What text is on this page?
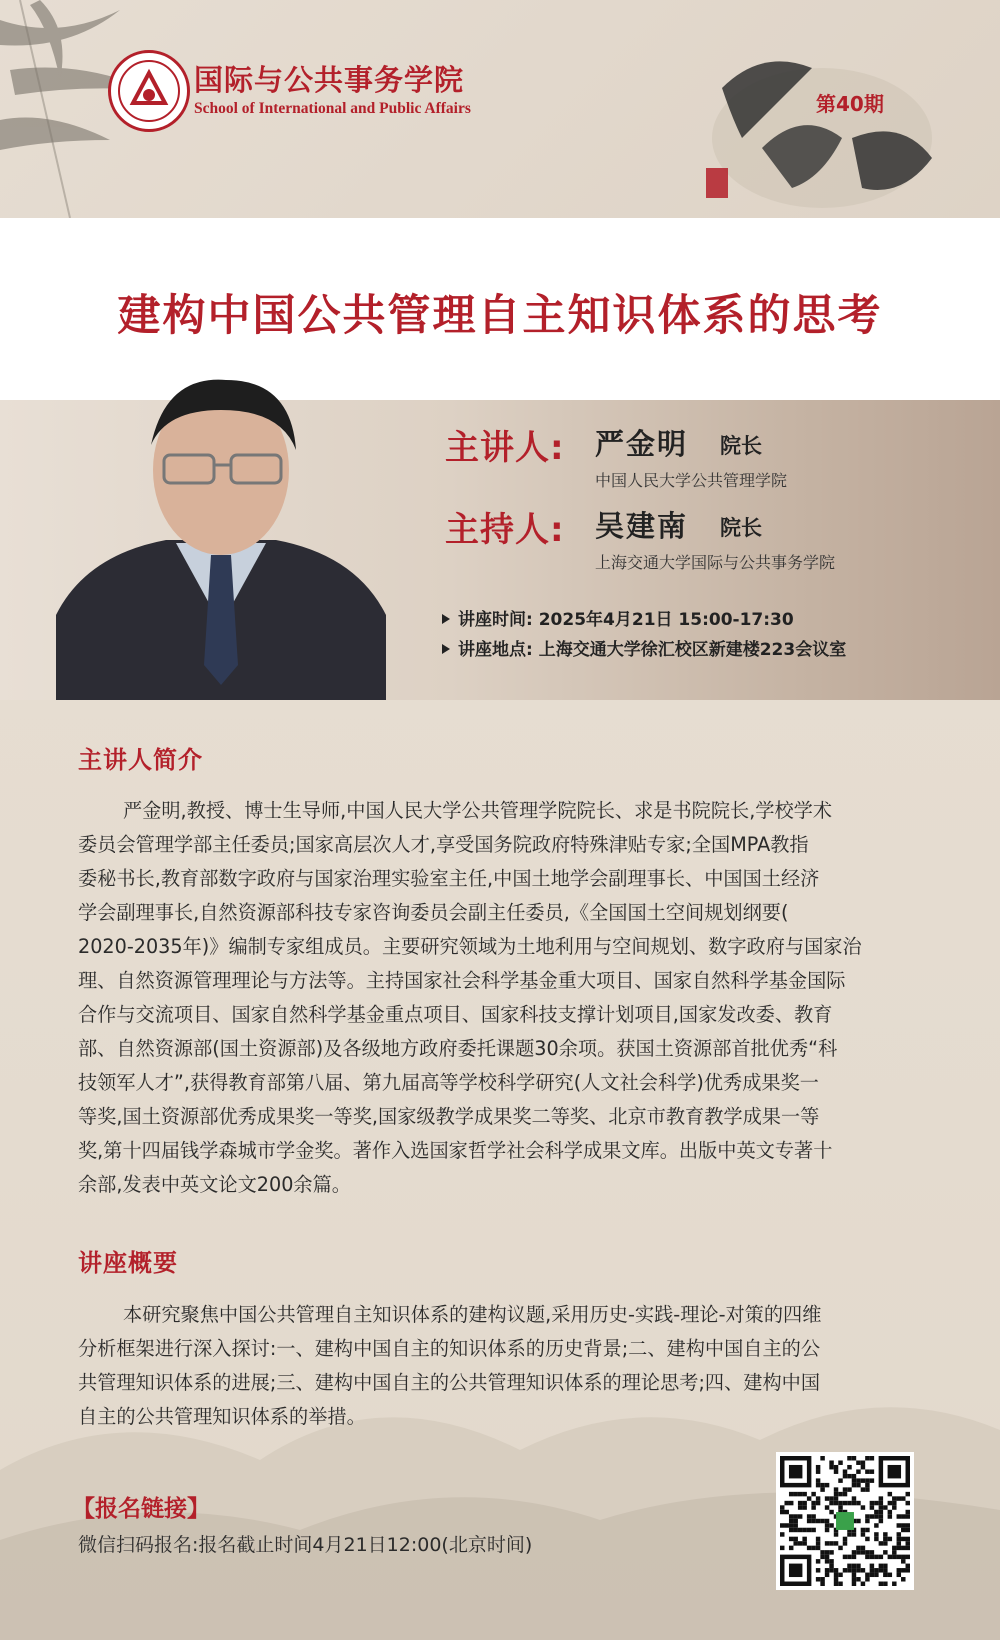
国际与公共事务学院
School of International and Public Affairs	第40期
建构中国公共管理自主知识体系的思考
主讲人: 严金明 院长
中国人民大学公共管理学院
主持人: 吴建南 院长
上海交通大学国际与公共事务学院
讲座时间: 2025年4月21日 15:00-17:30
讲座地点: 上海交通大学徐汇校区新建楼223会议室
主讲人简介
严金明,教授、博士生导师,中国人民大学公共管理学院院长、求是书院院长,学校学术
委员会管理学部主任委员;国家高层次人才,享受国务院政府特殊津贴专家;全国MPA教指
委秘书长,教育部数字政府与国家治理实验室主任,中国土地学会副理事长、中国国土经济
学会副理事长,自然资源部科技专家咨询委员会副主任委员,《全国国土空间规划纲要(
2020-2035年)》编制专家组成员。主要研究领域为土地利用与空间规划、数字政府与国家治
理、自然资源管理理论与方法等。主持国家社会科学基金重大项目、国家自然科学基金国际
合作与交流项目、国家自然科学基金重点项目、国家科技支撑计划项目,国家发改委、教育
部、自然资源部(国土资源部)及各级地方政府委托课题30余项。获国土资源部首批优秀“科
技领军人才”,获得教育部第八届、第九届高等学校科学研究(人文社会科学)优秀成果奖一
等奖,国土资源部优秀成果奖一等奖,国家级教学成果奖二等奖、北京市教育教学成果一等
奖,第十四届钱学森城市学金奖。著作入选国家哲学社会科学成果文库。出版中英文专著十
余部,发表中英文论文200余篇。
讲座概要
本研究聚焦中国公共管理自主知识体系的建构议题,采用历史-实践-理论-对策的四维
分析框架进行深入探讨:一、建构中国自主的知识体系的历史背景;二、建构中国自主的公
共管理知识体系的进展;三、建构中国自主的公共管理知识体系的理论思考;四、建构中国
自主的公共管理知识体系的举措。
【报名链接】
微信扫码报名:报名截止时间4月21日12:00(北京时间)
